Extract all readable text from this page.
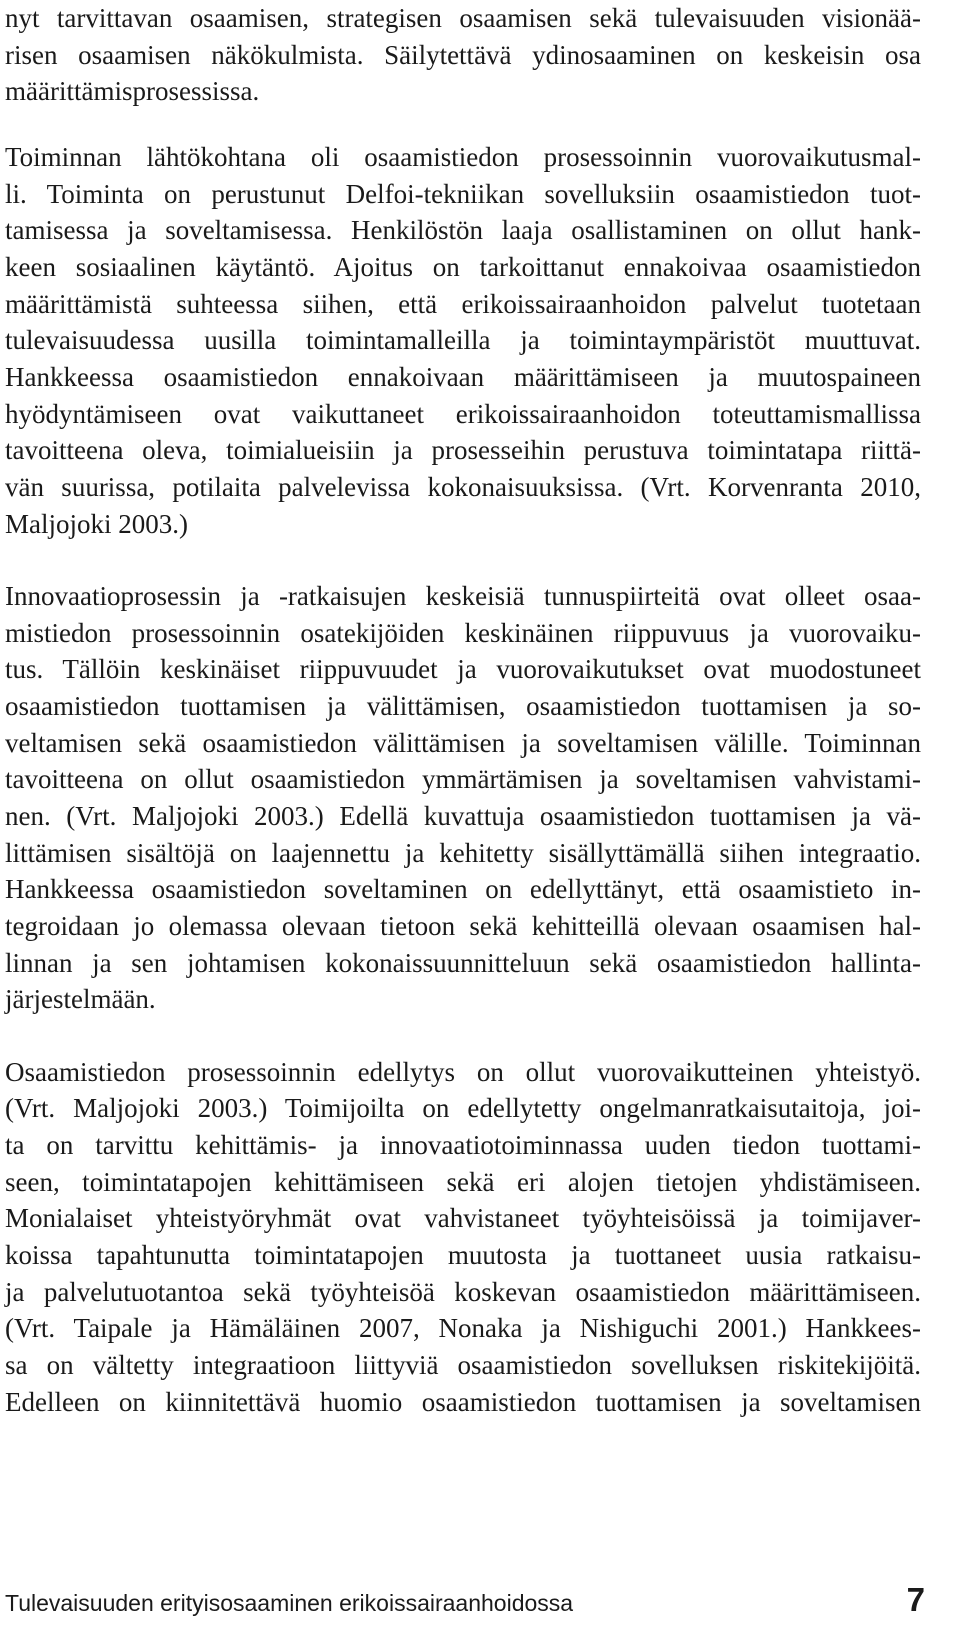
nyt tarvittavan osaamisen, strategisen osaamisen sekä tulevaisuuden visionää-
risen osaamisen näkökulmista. Säilytettävä ydinosaaminen on keskeisin osa
määrittämisprosessissa.
Toiminnan lähtökohtana oli osaamistiedon prosessoinnin vuorovaikutusmal-
li. Toiminta on perustunut Delfoi-tekniikan sovelluksiin osaamistiedon tuot-
tamisessa ja soveltamisessa. Henkilöstön laaja osallistaminen on ollut hank-
keen sosiaalinen käytäntö. Ajoitus on tarkoittanut ennakoivaa osaamistiedon
määrittämistä suhteessa siihen, että erikoissairaanhoidon palvelut tuotetaan
tulevaisuudessa uusilla toimintamalleilla ja toimintaympäristöt muuttuvat.
Hankkeessa osaamistiedon ennakoivaan määrittämiseen ja muutospaineen
hyödyntämiseen ovat vaikuttaneet erikoissairaanhoidon toteuttamismallissa
tavoitteena oleva, toimialueisiin ja prosesseihin perustuva toimintatapa riittä-
vän suurissa, potilaita palvelevissa kokonaisuuksissa. (Vrt. Korvenranta 2010,
Maljojoki 2003.)
Innovaatioprosessin ja -ratkaisujen keskeisiä tunnuspiirteitä ovat olleet osaa-
mistiedon prosessoinnin osatekijöiden keskinäinen riippuvuus ja vuorovaiku-
tus. Tällöin keskinäiset riippuvuudet ja vuorovaikutukset ovat muodostuneet
osaamistiedon tuottamisen ja välittämisen, osaamistiedon tuottamisen ja so-
veltamisen sekä osaamistiedon välittämisen ja soveltamisen välille. Toiminnan
tavoitteena on ollut osaamistiedon ymmärtämisen ja soveltamisen vahvistami-
nen. (Vrt. Maljojoki 2003.) Edellä kuvattuja osaamistiedon tuottamisen ja vä-
littämisen sisältöjä on laajennettu ja kehitetty sisällyttämällä siihen integraatio.
Hankkeessa osaamistiedon soveltaminen on edellyttänyt, että osaamistieto in-
tegroidaan jo olemassa olevaan tietoon sekä kehitteillä olevaan osaamisen hal-
linnan ja sen johtamisen kokonaissuunnitteluun sekä osaamistiedon hallinta-
järjestelmään.
Osaamistiedon prosessoinnin edellytys on ollut vuorovaikutteinen yhteistyö.
(Vrt. Maljojoki 2003.) Toimijoilta on edellytetty ongelmanratkaisutaitoja, joi-
ta on tarvittu kehittämis- ja innovaatiotoiminnassa uuden tiedon tuottami-
seen, toimintatapojen kehittämiseen sekä eri alojen tietojen yhdistämiseen.
Monialaiset yhteistyöryhmät ovat vahvistaneet työyhteisöissä ja toimijaver-
koissa tapahtunutta toimintatapojen muutosta ja tuottaneet uusia ratkaisu-
ja palvelutuotantoa sekä työyhteisöä koskevan osaamistiedon määrittämiseen.
(Vrt. Taipale ja Hämäläinen 2007, Nonaka ja Nishiguchi 2001.) Hankkees-
sa on vältetty integraatioon liittyviä osaamistiedon sovelluksen riskitekijöitä.
Edelleen on kiinnitettävä huomio osaamistiedon tuottamisen ja soveltamisen
Tulevaisuuden erityisosaaminen erikoissairaanhoidossa	7
